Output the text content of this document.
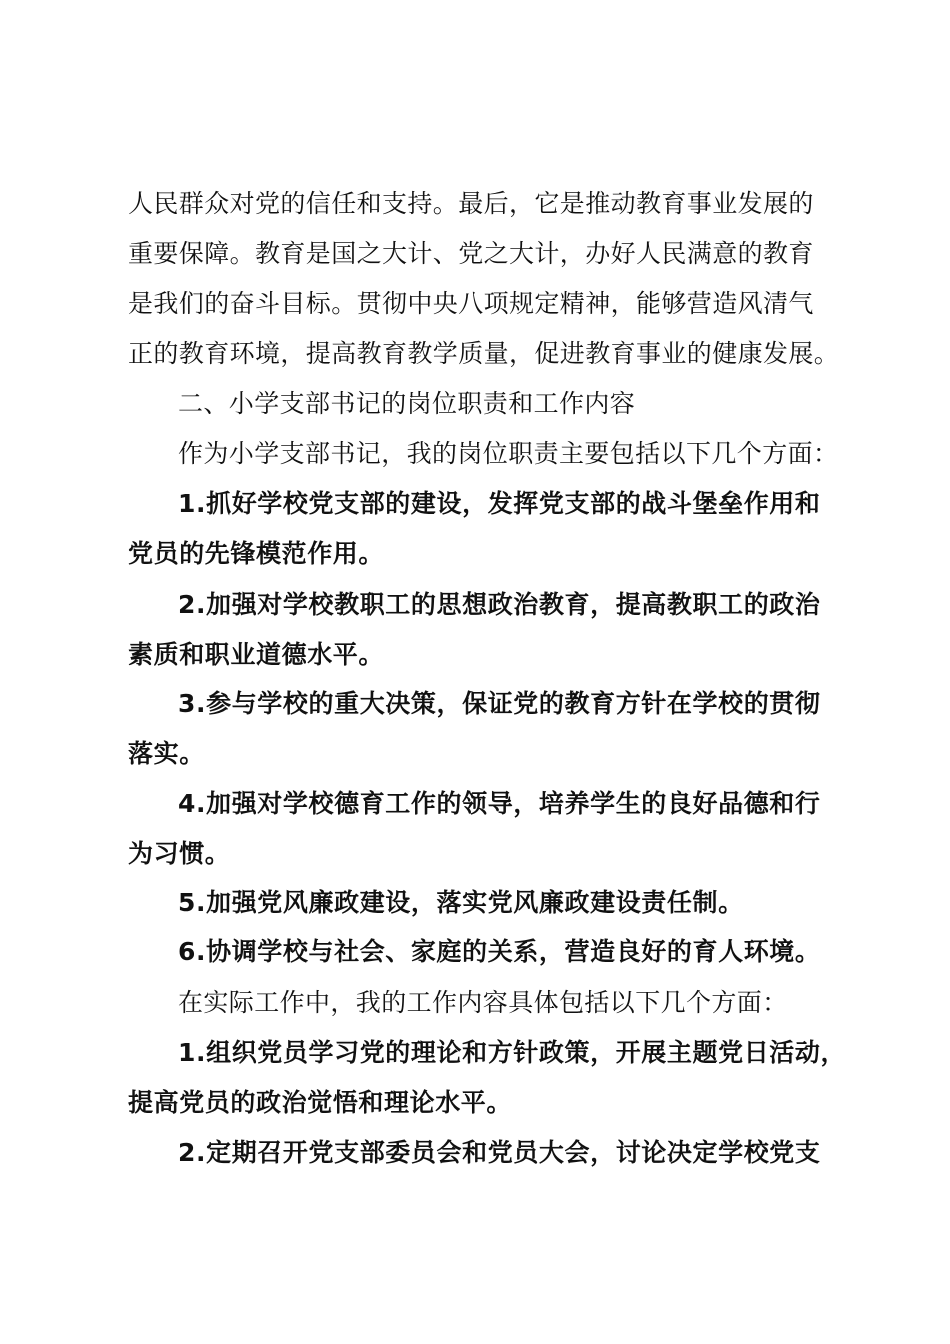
人民群众对党的信任和支持。最后，它是推动教育事业发展的
重要保障。教育是国之大计、党之大计，办好人民满意的教育
是我们的奋斗目标。贯彻中央八项规定精神，能够营造风清气
正的教育环境，提高教育教学质量，促进教育事业的健康发展。
二、小学支部书记的岗位职责和工作内容
作为小学支部书记，我的岗位职责主要包括以下几个方面：
1.抓好学校党支部的建设，发挥党支部的战斗堡垒作用和
党员的先锋模范作用。
2.加强对学校教职工的思想政治教育，提高教职工的政治
素质和职业道德水平。
3.参与学校的重大决策，保证党的教育方针在学校的贯彻
落实。
4.加强对学校德育工作的领导，培养学生的良好品德和行
为习惯。
5.加强党风廉政建设，落实党风廉政建设责任制。
6.协调学校与社会、家庭的关系，营造良好的育人环境。
在实际工作中，我的工作内容具体包括以下几个方面：
1.组织党员学习党的理论和方针政策，开展主题党日活动，
提高党员的政治觉悟和理论水平。
2.定期召开党支部委员会和党员大会，讨论决定学校党支
